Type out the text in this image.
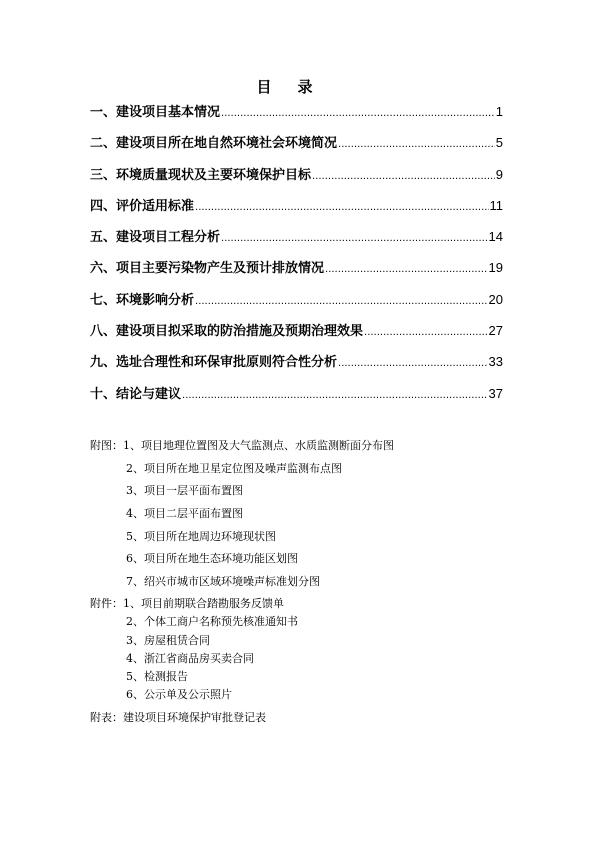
目录
一、建设项目基本情况 .....	1
二、建设项目所在地自然环境社会环境简况 .....	5
三、环境质量现状及主要环境保护目标 .....	9
四、评价适用标准 .....	11
五、建设项目工程分析 .....	14
六、项目主要污染物产生及预计排放情况 .....	19
七、环境影响分析 .....	20
八、建设项目拟采取的防治措施及预期治理效果 .....	27
九、选址合理性和环保审批原则符合性分析 .....	33
十、结论与建议 .....	37
附图：1、项目地理位置图及大气监测点、水质监测断面分布图
2、项目所在地卫星定位图及噪声监测布点图
3、项目一层平面布置图
4、项目二层平面布置图
5、项目所在地周边环境现状图
6、项目所在地生态环境功能区划图
7、绍兴市城市区域环境噪声标准划分图
附件：1、项目前期联合踏勘服务反馈单
2、个体工商户名称预先核准通知书
3、房屋租赁合同
4、浙江省商品房买卖合同
5、检测报告
6、公示单及公示照片
附表：建设项目环境保护审批登记表
